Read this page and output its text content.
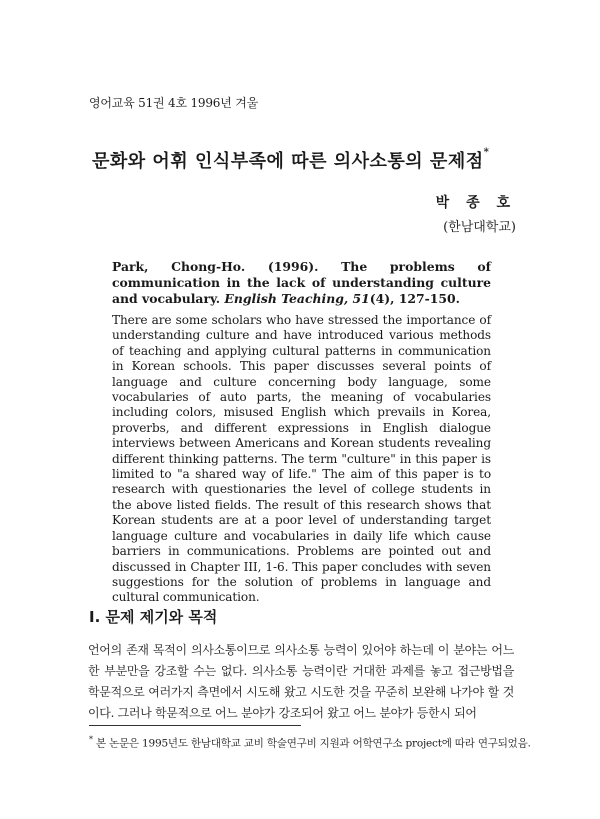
영어교육 51권 4호 1996년 겨울
문화와 어휘 인식부족에 따른 의사소통의 문제점*
박 종 호
(한남대학교)
Park, Chong-Ho. (1996). The problems of communication in the lack of understanding culture and vocabulary. English Teaching, 51(4), 127-150.
There are some scholars who have stressed the importance of understanding culture and have introduced various methods of teaching and applying cultural patterns in communication in Korean schools. This paper discusses several points of language and culture concerning body language, some vocabularies of auto parts, the meaning of vocabularies including colors, misused English which prevails in Korea, proverbs, and different expressions in English dialogue interviews between Americans and Korean students revealing different thinking patterns. The term "culture" in this paper is limited to "a shared way of life." The aim of this paper is to research with questionaries the level of college students in the above listed fields. The result of this research shows that Korean students are at a poor level of understanding target language culture and vocabularies in daily life which cause barriers in communications. Problems are pointed out and discussed in Chapter III, 1-6. This paper concludes with seven suggestions for the solution of problems in language and cultural communication.
I. 문제 제기와 목적
언어의 존재 목적이 의사소통이므로 의사소통 능력이 있어야 하는데 이 분야는 어느 한 부분만을 강조할 수는 없다. 의사소통 능력이란 거대한 과제를 놓고 접근방법을 학문적으로 여러가지 측면에서 시도해 왔고 시도한 것을 꾸준히 보완해 나가야 할 것이다. 그러나 학문적으로 어느 분야가 강조되어 왔고 어느 분야가 등한시 되어
* 본 논문은 1995년도 한남대학교 교비 학술연구비 지원과 어학연구소 project에 따라 연구되었음.
